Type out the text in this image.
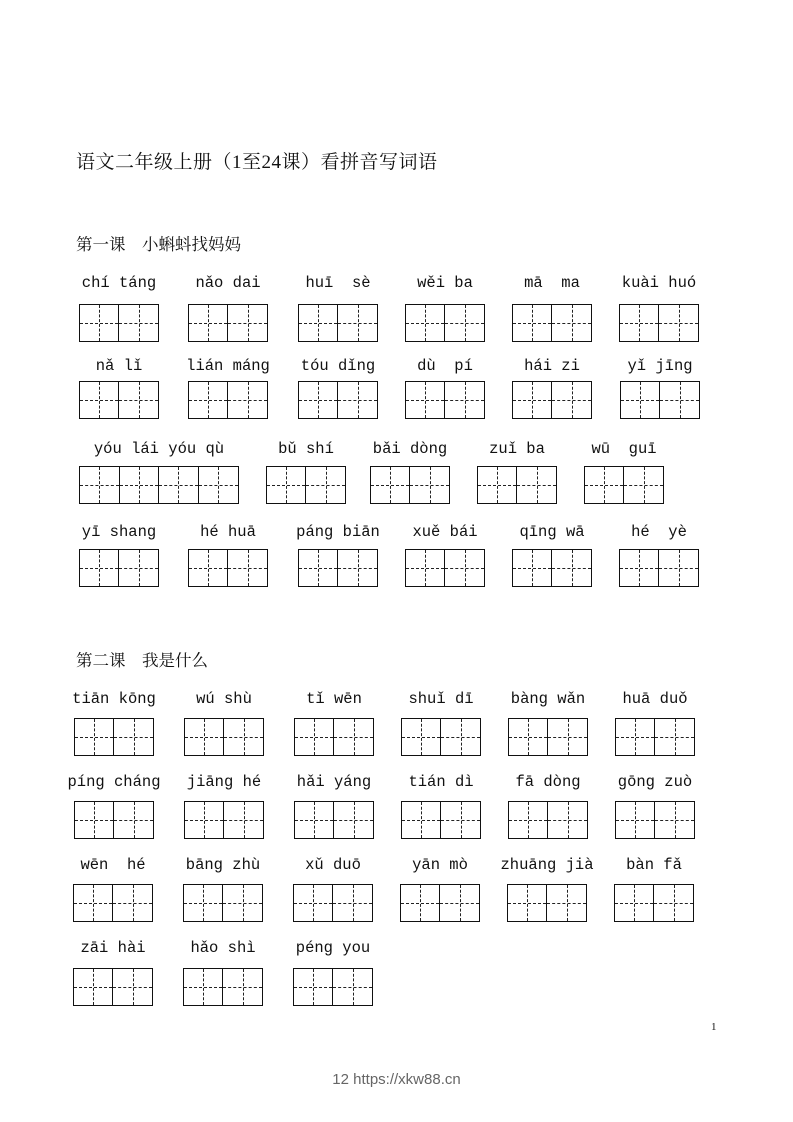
语文二年级上册（1至24课）看拼音写词语
第一课　小蝌蚪找妈妈
第二课　我是什么
chí táng	nǎo dai	huī  sè	wěi ba	mā  ma	kuài huó
nǎ lǐ	lián máng	tóu dǐng	dù  pí	hái zi	yǐ jīng
yóu lái yóu qù	bǔ shí	bǎi dòng	zuǐ ba	wū  guī
yī shang	hé huā	páng biān	xuě bái	qīng wā	hé  yè
tiān kōng	wú shù	tǐ wēn	shuǐ dī	bàng wǎn	huā duǒ
píng cháng	jiāng hé	hǎi yáng	tián dì	fā dòng	gōng zuò
wēn  hé	bāng zhù	xǔ duō	yān mò	zhuāng jià	bàn fǎ
zāi hài	hǎo shì	péng you
1
12 https://xkw88.cn
